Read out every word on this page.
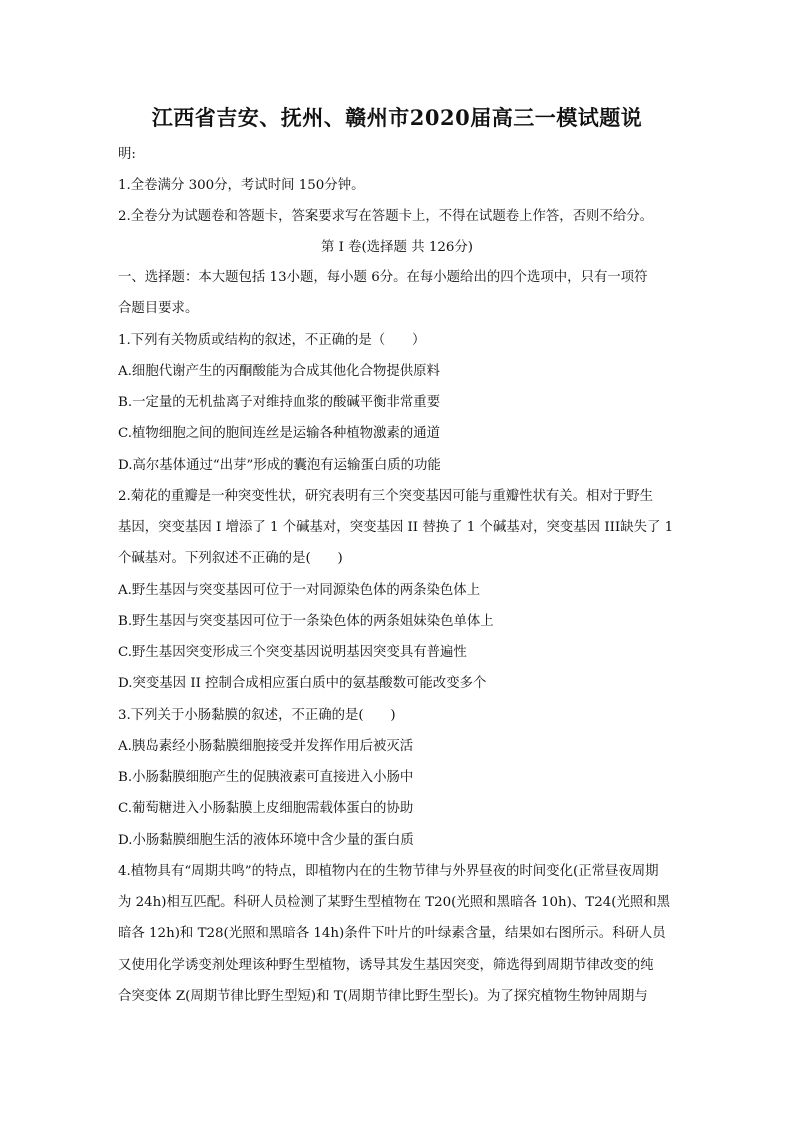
江西省吉安、抚州、赣州市2020届高三一模试题说
明:
1.全卷满分 300分，考试时间 150分钟。
2.全卷分为试题卷和答题卡，答案要求写在答题卡上，不得在试题卷上作答，否则不给分。
第 I 卷(选择题 共 126分)
一、选择题：本大题包括 13小题，每小题 6分。在每小题给出的四个选项中，只有一项符
合题目要求。
1.下列有关物质或结构的叙述，不正确的是（　　）
A.细胞代谢产生的丙酮酸能为合成其他化合物提供原料
B.一定量的无机盐离子对维持血浆的酸碱平衡非常重要
C.植物细胞之间的胞间连丝是运输各种植物激素的通道
D.高尔基体通过“出芽”形成的囊泡有运输蛋白质的功能
2.菊花的重瓣是一种突变性状，研究表明有三个突变基因可能与重瓣性状有关。相对于野生
基因，突变基因 I 增添了 1 个碱基对，突变基因 II 替换了 1 个碱基对，突变基因 III缺失了 1
个碱基对。下列叙述不正确的是(　　)
A.野生基因与突变基因可位于一对同源染色体的两条染色体上
B.野生基因与突变基因可位于一条染色体的两条姐妹染色单体上
C.野生基因突变形成三个突变基因说明基因突变具有普遍性
D.突变基因 II 控制合成相应蛋白质中的氨基酸数可能改变多个
3.下列关于小肠黏膜的叙述，不正确的是(　　)
A.胰岛素经小肠黏膜细胞接受并发挥作用后被灭活
B.小肠黏膜细胞产生的促胰液素可直接进入小肠中
C.葡萄糖进入小肠黏膜上皮细胞需载体蛋白的协助
D.小肠黏膜细胞生活的液体环境中含少量的蛋白质
4.植物具有“周期共鸣”的特点，即植物内在的生物节律与外界昼夜的时间变化(正常昼夜周期
为 24h)相互匹配。科研人员检测了某野生型植物在 T20(光照和黑暗各 10h)、T24(光照和黑
暗各 12h)和 T28(光照和黑暗各 14h)条件下叶片的叶绿素含量，结果如右图所示。科研人员
又使用化学诱变剂处理该种野生型植物，诱导其发生基因突变，筛选得到周期节律改变的纯
合突变体 Z(周期节律比野生型短)和 T(周期节律比野生型长)。为了探究植物生物钟周期与
